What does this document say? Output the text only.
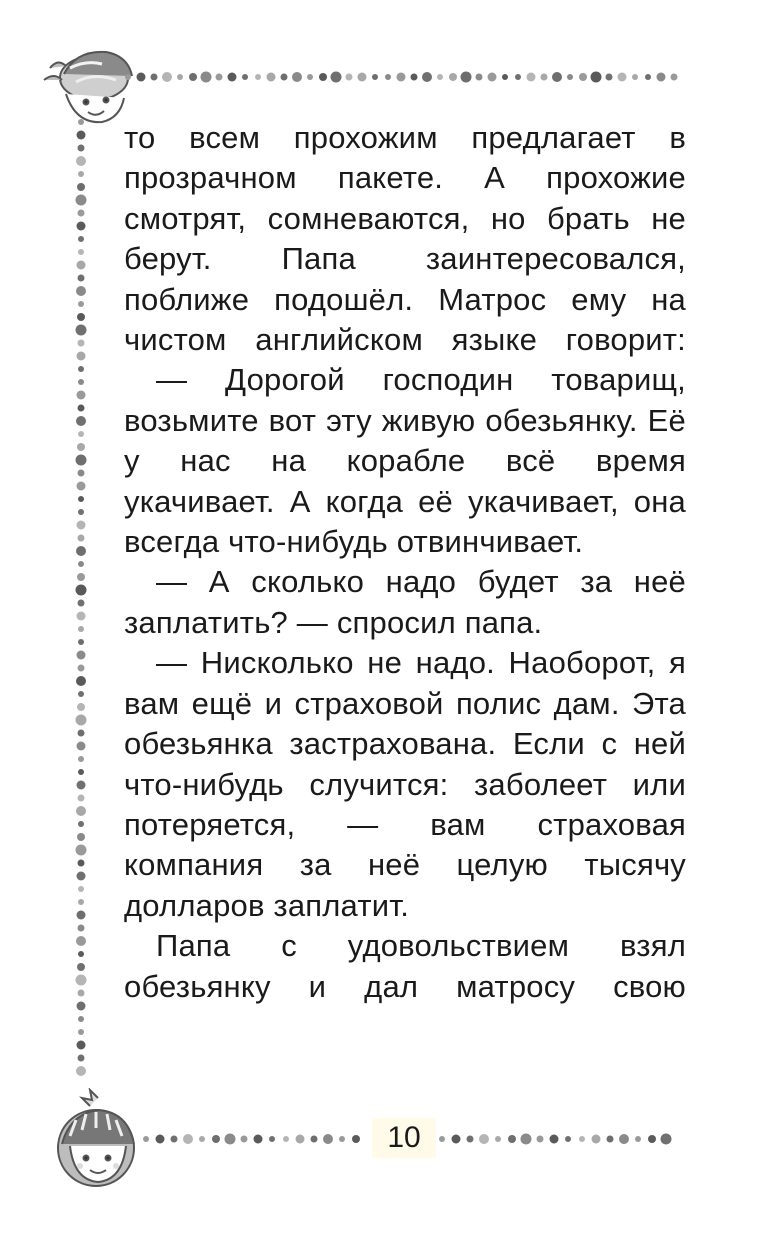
то всем прохожим предлагает в прозрачном пакете. А прохожие смотрят, сомневаются, но брать не берут. Папа заинтересовался, поближе подошёл. Матрос ему на чистом английском языке говорит:

— Дорогой господин товарищ, возьмите вот эту живую обезьянку. Её у нас на корабле всё время укачивает. А когда её укачивает, она всегда что-нибудь отвинчивает.

— А сколько надо будет за неё заплатить? — спросил папа.

— Нисколько не надо. Наоборот, я вам ещё и страховой полис дам. Эта обезьянка застрахована. Если с ней что-нибудь случится: заболеет или потеряется, — вам страховая компания за неё целую тысячу долларов заплатит.

Папа с удовольствием взял обезьянку и дал матросу свою

10
